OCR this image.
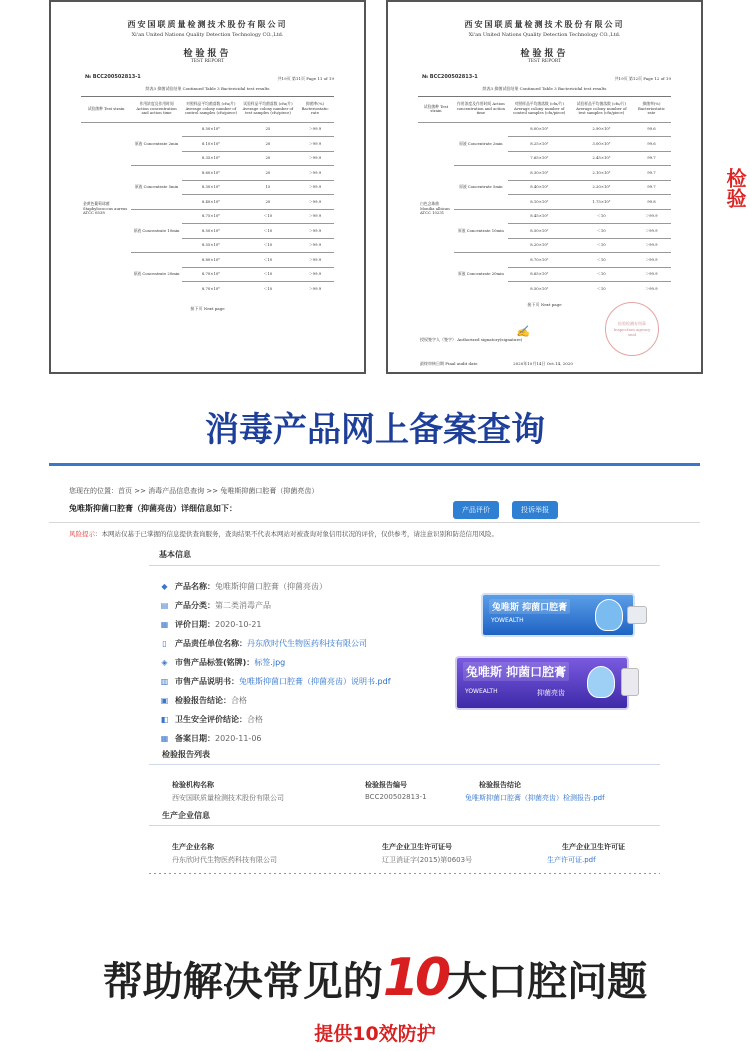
西安国联质量检测技术股份有限公司
Xi'an United Nations Quality Detection Technology CO.,Ltd.
检验报告
TEST REPORT
№ BCC200502813-1	共19页 第11页 Page 11 of 19
续表3 抑菌试验结果 Continued Table 3 Bactericidal test results				
试验菌种 Test strain	作用浓度及作用时间 Action concentration and action time	对照样品平均菌落数 (cfu/片) Average colony number of control samples (cfu/piece)	试验样品平均菌落数 (cfu/片) Average colony number of test samples (cfu/piece)	抑菌率(%) Bacteriostatic rate
金黄色葡萄球菌 Staphylococcus aureus ATCC 6538	原液 Concentrate 2min	8.50×10⁶	25	＞99.9
		8.10×10⁶	20	＞99.9
		8.35×10⁶	20	＞99.9
	原液 Concentrate 5min	8.60×10⁶	20	＞99.9
		8.30×10⁶	15	＞99.9
		8.40×10⁶	20	＞99.9
	原液 Concentrate 10min	8.75×10⁶	＜10	＞99.9
		8.50×10⁶	＜10	＞99.9
		8.55×10⁶	＜10	＞99.9
	原液 Concentrate 20min	8.80×10⁶	＜10	＞99.9
		8.70×10⁶	＜10	＞99.9
		8.70×10⁶	＜10	＞99.9
接下页 Next page
西安国联质量检测技术股份有限公司
Xi'an United Nations Quality Detection Technology CO.,Ltd.
检验报告
TEST REPORT
№ BCC200502813-1	共19页 第12页 Page 12 of 19
续表3 抑菌试验结果 Continued Table 3 Bactericidal test results				
试验菌种 Test strain	作用浓度及作用时间 Action concentration and action time	对照样品平均菌落数 (cfu/片) Average colony number of control samples (cfu/piece)	试验样品平均菌落数 (cfu/片) Average colony number of test samples (cfu/piece)	抑菌率(%) Bacteriostatic rate
白色念珠菌 Monilia albican ATCC 10231	原液 Concentrate 2min	8.00×10⁵	2.90×10³	99.6
		8.25×10⁵	3.00×10³	99.6
		7.65×10⁵	2.45×10³	99.7
	原液 Concentrate 5min	8.30×10⁵	2.10×10³	99.7
		8.40×10⁵	2.20×10³	99.7
		8.10×10⁵	1.75×10³	99.8
	原液 Concentrate 10min	8.45×10⁵	＜10	＞99.9
		8.50×10⁵	＜10	＞99.9
		8.20×10⁵	＜10	＞99.9
	原液 Concentrate 20min	8.70×10⁵	＜10	＞99.9
		8.65×10⁵	＜10	＞99.9
		8.50×10⁵	＜10	＞99.9
接下页 Next page
授权签字人（签字） Authorized signatory(signature)
✍
最终审核日期 Final audit date	2020年10月14日 Oct.14, 2020
检验检测专用章 Inspection agency seal
检验
消毒产品网上备案查询
您现在的位置：首页 >> 消毒产品信息查询 >> 兔唯斯抑菌口腔膏（抑菌亮齿）
兔唯斯抑菌口腔膏（抑菌亮齿）详细信息如下：	产品评价	投诉举报
风险提示：本网站仅基于已掌握的信息提供查询服务，查询结果不代表本网站对被查询对象信用状况的评价，仅供参考，请注意识别和防范信用风险。
基本信息
◆ 产品名称： 兔唯斯抑菌口腔膏（抑菌亮齿）
▤ 产品分类： 第二类消毒产品
▦ 评价日期： 2020-10-21
▯ 产品责任单位名称： 丹东欣时代生物医药科技有限公司
◈ 市售产品标签(铭牌)： 标签.jpg
▥ 市售产品说明书： 兔唯斯抑菌口腔膏（抑菌亮齿）说明书.pdf
▣ 检验报告结论： 合格
◧ 卫生安全评价结论： 合格
▦ 备案日期： 2020-11-06
兔唯斯 抑菌口腔膏
YOWEALTH
兔唯斯 抑菌口腔膏
YOWEALTH	抑菌亮齿
检验报告列表
检验机构名称	检验报告编号	检验报告结论
西安国联质量检测技术股份有限公司	BCC200502813-1	兔唯斯抑菌口腔膏（抑菌亮齿）检测报告.pdf
生产企业信息
生产企业名称	生产企业卫生许可证号	生产企业卫生许可证
丹东欣时代生物医药科技有限公司	辽卫消证字(2015)第0603号	生产许可证.pdf
帮助解决常见的10大口腔问题
提供10效防护
